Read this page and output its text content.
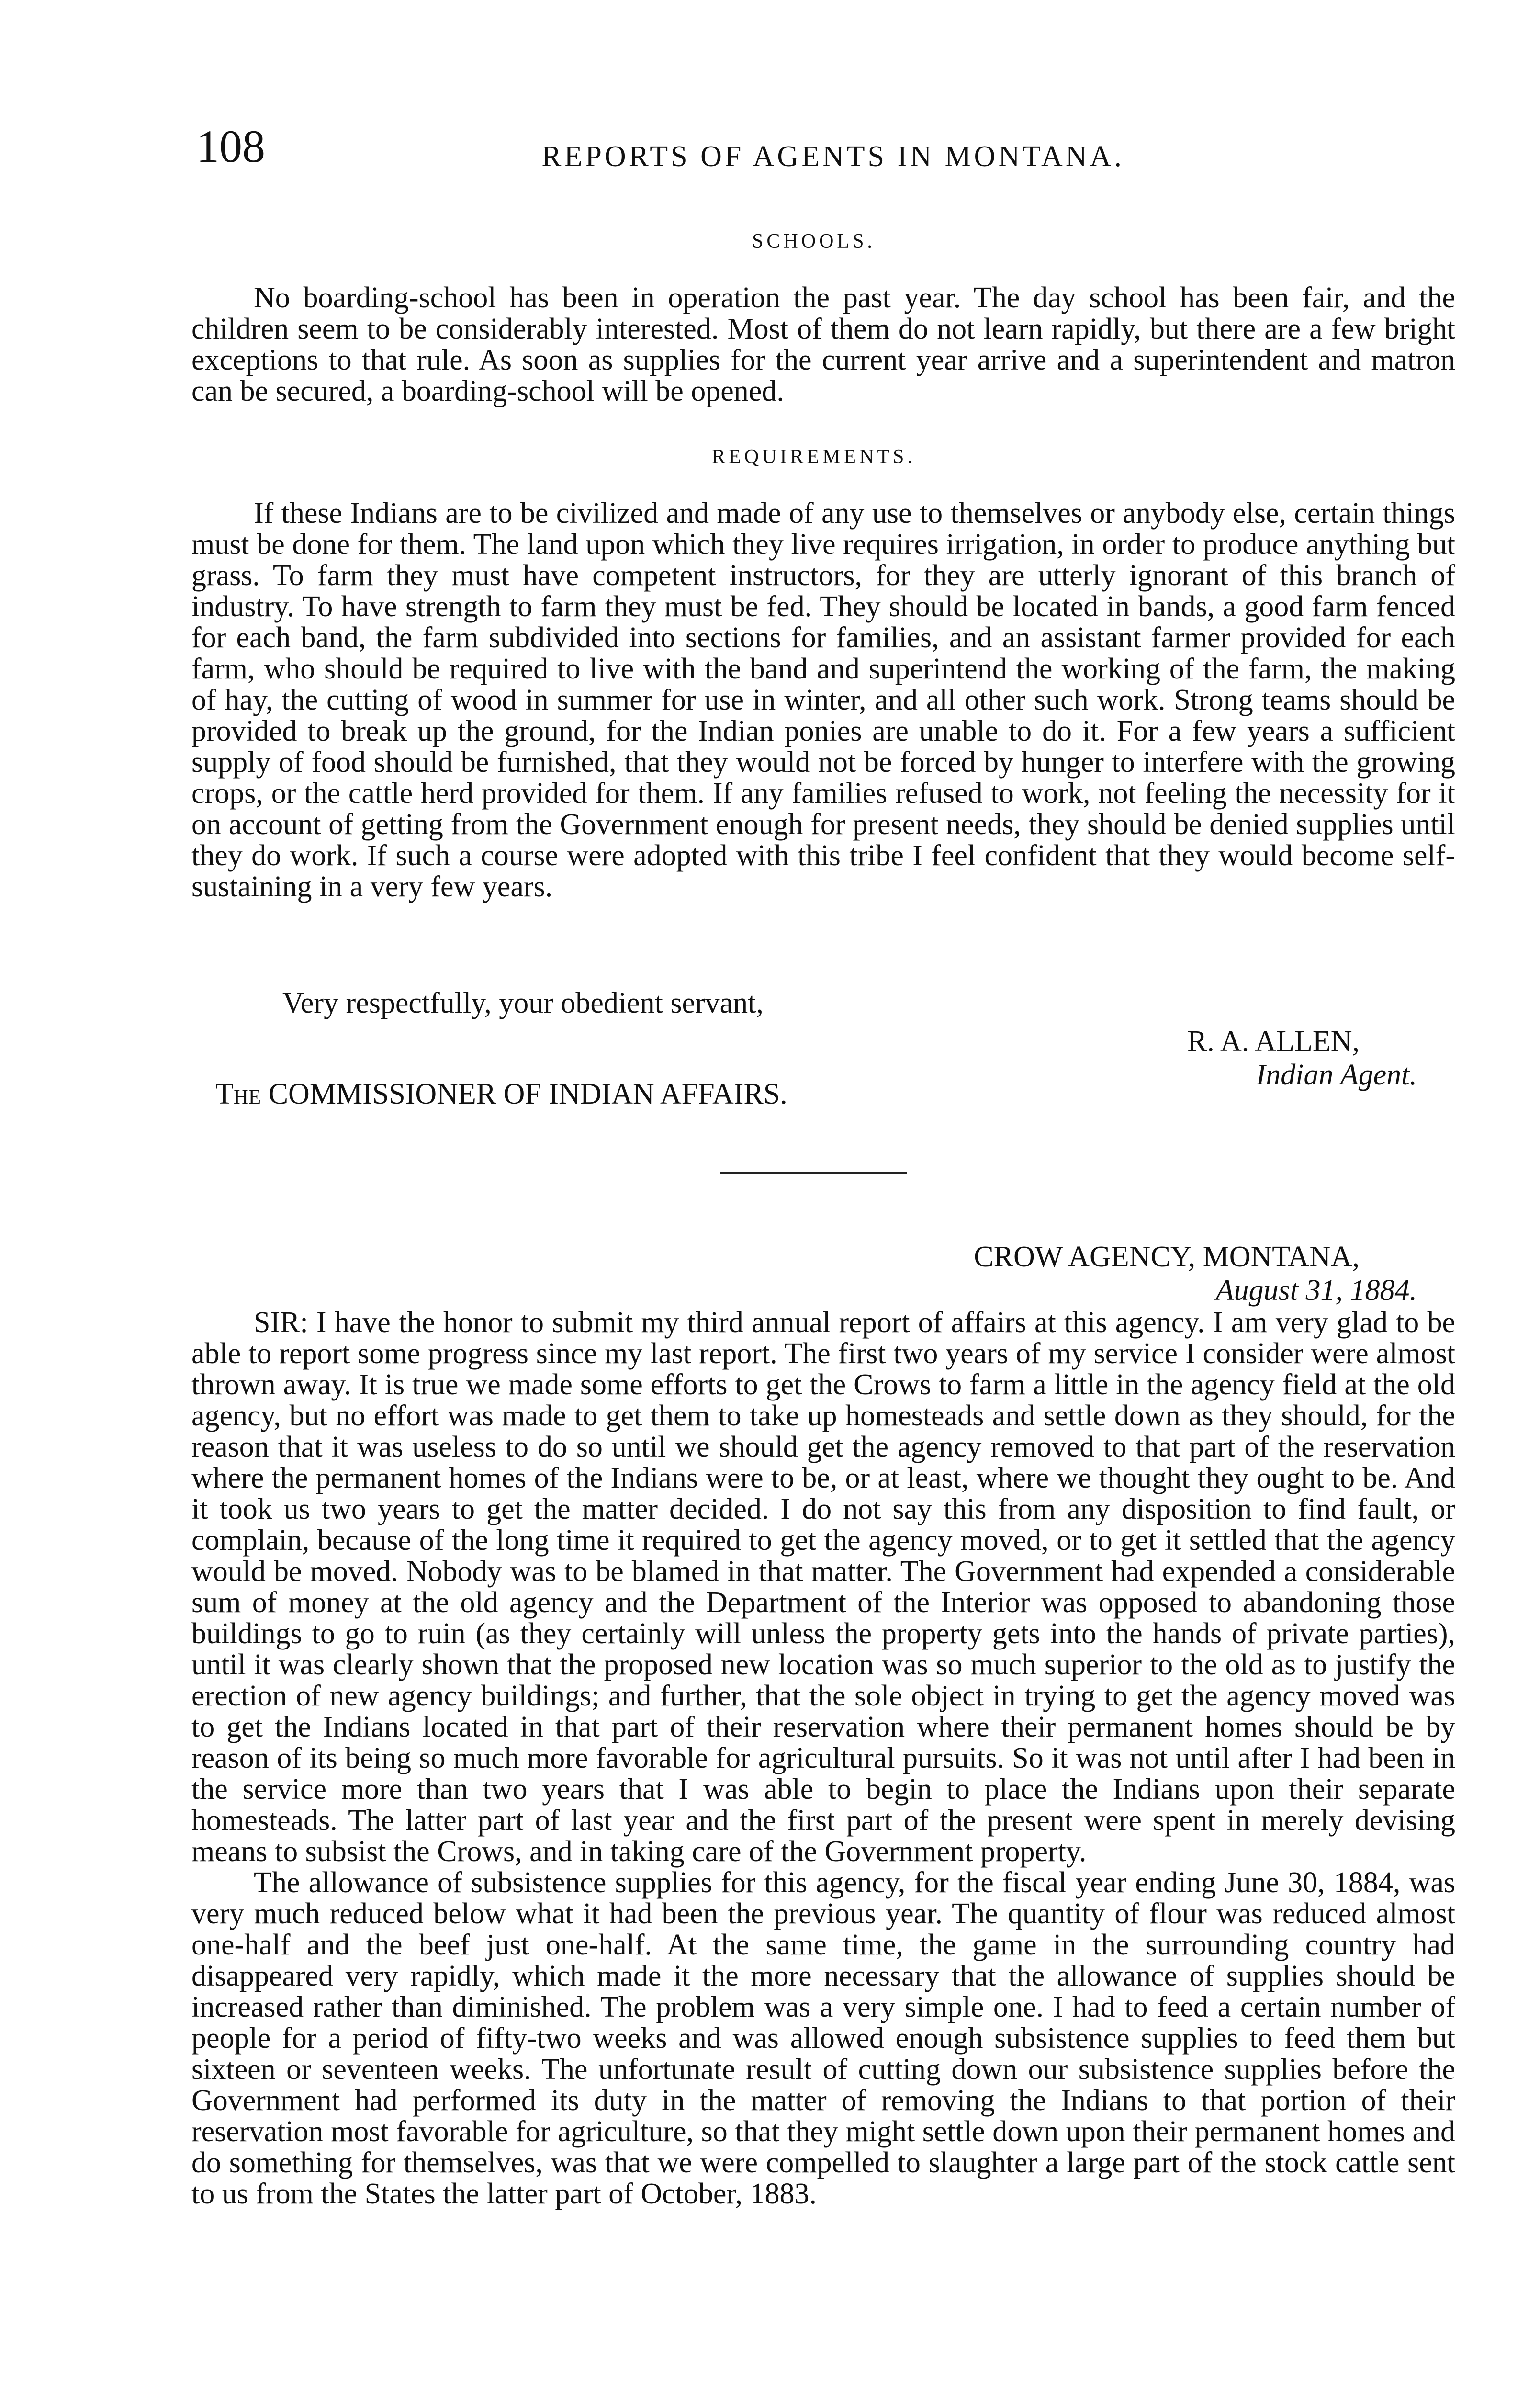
108	REPORTS OF AGENTS IN MONTANA.
SCHOOLS.

No boarding-school has been in operation the past year. The day school has been fair, and the children seem to be considerably interested. Most of them do not learn rapidly, but there are a few bright exceptions to that rule. As soon as supplies for the current year arrive and a superintendent and matron can be secured, a boarding-school will be opened.

REQUIREMENTS.

If these Indians are to be civilized and made of any use to themselves or anybody else, certain things must be done for them. The land upon which they live requires irrigation, in order to produce anything but grass. To farm they must have competent instructors, for they are utterly ignorant of this branch of industry. To have strength to farm they must be fed. They should be located in bands, a good farm fenced for each band, the farm subdivided into sections for families, and an assistant farmer provided for each farm, who should be required to live with the band and superintend the working of the farm, the making of hay, the cutting of wood in summer for use in winter, and all other such work. Strong teams should be provided to break up the ground, for the Indian ponies are unable to do it. For a few years a sufficient supply of food should be furnished, that they would not be forced by hunger to interfere with the growing crops, or the cattle herd provided for them. If any families refused to work, not feeling the necessity for it on account of getting from the Government enough for present needs, they should be denied supplies until they do work. If such a course were adopted with this tribe I feel confident that they would become self-sustaining in a very few years.

Very respectfully, your obedient servant,
R. A. ALLEN,
Indian Agent.
The COMMISSIONER OF INDIAN AFFAIRS.
CROW AGENCY, MONTANA,
August 31, 1884.

SIR: I have the honor to submit my third annual report of affairs at this agency. I am very glad to be able to report some progress since my last report. The first two years of my service I consider were almost thrown away. It is true we made some efforts to get the Crows to farm a little in the agency field at the old agency, but no effort was made to get them to take up homesteads and settle down as they should, for the reason that it was useless to do so until we should get the agency removed to that part of the reservation where the permanent homes of the Indians were to be, or at least, where we thought they ought to be. And it took us two years to get the matter decided. I do not say this from any disposition to find fault, or complain, because of the long time it required to get the agency moved, or to get it settled that the agency would be moved. Nobody was to be blamed in that matter. The Government had expended a considerable sum of money at the old agency and the Department of the Interior was opposed to abandoning those buildings to go to ruin (as they certainly will unless the property gets into the hands of private parties), until it was clearly shown that the proposed new location was so much superior to the old as to justify the erection of new agency buildings; and further, that the sole object in trying to get the agency moved was to get the Indians located in that part of their reservation where their permanent homes should be by reason of its being so much more favorable for agricultural pursuits. So it was not until after I had been in the service more than two years that I was able to begin to place the Indians upon their separate homesteads. The latter part of last year and the first part of the present were spent in merely devising means to subsist the Crows, and in taking care of the Government property.

The allowance of subsistence supplies for this agency, for the fiscal year ending June 30, 1884, was very much reduced below what it had been the previous year. The quantity of flour was reduced almost one-half and the beef just one-half. At the same time, the game in the surrounding country had disappeared very rapidly, which made it the more necessary that the allowance of supplies should be increased rather than diminished. The problem was a very simple one. I had to feed a certain number of people for a period of fifty-two weeks and was allowed enough subsistence supplies to feed them but sixteen or seventeen weeks. The unfortunate result of cutting down our subsistence supplies before the Government had performed its duty in the matter of removing the Indians to that portion of their reservation most favorable for agriculture, so that they might settle down upon their permanent homes and do something for themselves, was that we were compelled to slaughter a large part of the stock cattle sent to us from the States the latter part of October, 1883.
